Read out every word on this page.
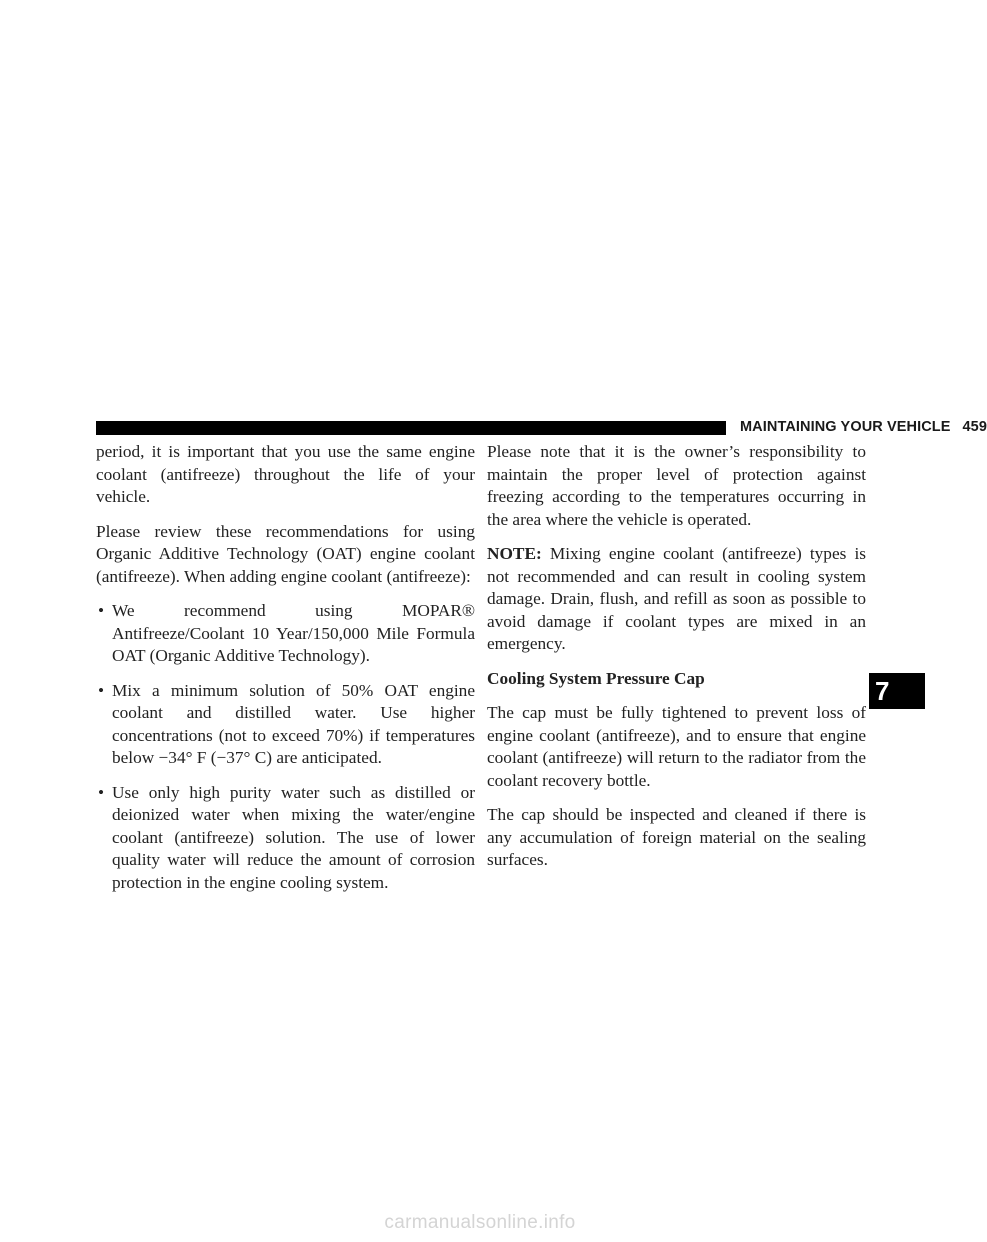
MAINTAINING YOUR VEHICLE 459

period, it is important that you use the same engine coolant (antifreeze) throughout the life of your vehicle.

Please review these recommendations for using Organic Additive Technology (OAT) engine coolant (antifreeze). When adding engine coolant (antifreeze):

• We recommend using MOPAR® Antifreeze/Coolant 10 Year/150,000 Mile Formula OAT (Organic Additive Technology).
• Mix a minimum solution of 50% OAT engine coolant and distilled water. Use higher concentrations (not to exceed 70%) if temperatures below −34° F (−37° C) are anticipated.
• Use only high purity water such as distilled or deionized water when mixing the water/engine coolant (antifreeze) solution. The use of lower quality water will reduce the amount of corrosion protection in the engine cooling system.

Please note that it is the owner’s responsibility to maintain the proper level of protection against freezing according to the temperatures occurring in the area where the vehicle is operated.

NOTE: Mixing engine coolant (antifreeze) types is not recommended and can result in cooling system damage. Drain, flush, and refill as soon as possible to avoid damage if coolant types are mixed in an emergency.

Cooling System Pressure Cap

The cap must be fully tightened to prevent loss of engine coolant (antifreeze), and to ensure that engine coolant (antifreeze) will return to the radiator from the coolant recovery bottle.

The cap should be inspected and cleaned if there is any accumulation of foreign material on the sealing surfaces.

7
carmanualsonline.info
